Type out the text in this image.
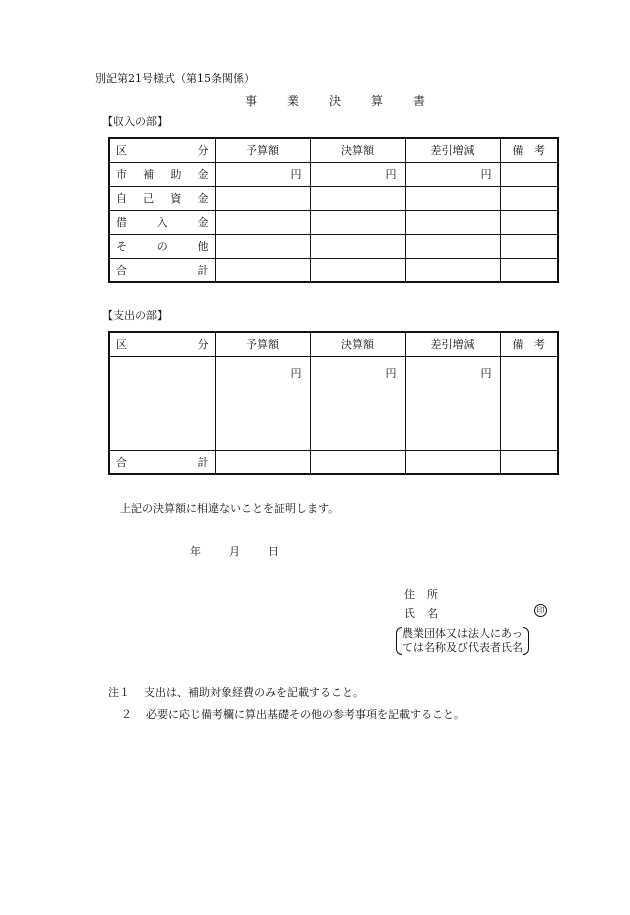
別記第21号様式（第15条関係）
事 業 決 算 書
【収入の部】
区 分	予算額	決算額	差引増減	備 考

市 補 助 金	円	円	円	

自 己 資 金				

借 入 金				

そ の 他				

合 計				

【支出の部】
区 分	予算額	決算額	差引増減	備 考

	円	円	円	

合 計				

上記の決算額に相違ないことを証明します。
年	月	日
住 所
氏 名	印
農業団体又は法人にあっ
ては名称及び代表者氏名
注１ 支出は、補助対象経費のみを記載すること。
２ 必要に応じ備考欄に算出基礎その他の参考事項を記載すること。
